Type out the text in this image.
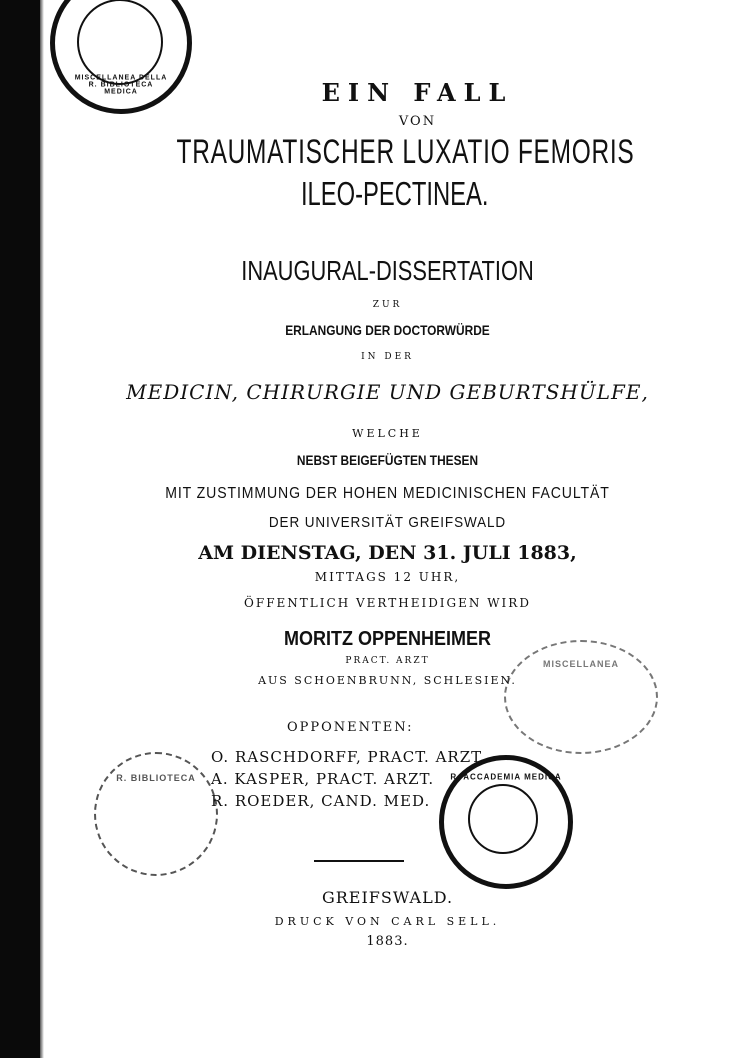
MISCELLANEA DELLA R. BIBLIOTECA MEDICA
R. ACCADEMIA MEDICA
R. BIBLIOTECA
MISCELLANEA
EIN FALL
VON
TRAUMATISCHER LUXATIO FEMORIS
ILEO-PECTINEA.
INAUGURAL-DISSERTATION
ZUR
ERLANGUNG DER DOCTORWÜRDE
IN DER
MEDICIN, CHIRURGIE UND GEBURTSHÜLFE,
WELCHE
NEBST BEIGEFÜGTEN THESEN
MIT ZUSTIMMUNG DER HOHEN MEDICINISCHEN FACULTÄT
DER UNIVERSITÄT GREIFSWALD
AM DIENSTAG, DEN 31. JULI 1883,
MITTAGS 12 UHR,
ÖFFENTLICH VERTHEIDIGEN WIRD
MORITZ OPPENHEIMER
PRACT. ARZT
AUS SCHOENBRUNN, SCHLESIEN.
OPPONENTEN:
O. RASCHDORFF, PRACT. ARZT.
A. KASPER, PRACT. ARZT.
R. ROEDER, CAND. MED.
GREIFSWALD.
DRUCK VON CARL SELL.
1883.
